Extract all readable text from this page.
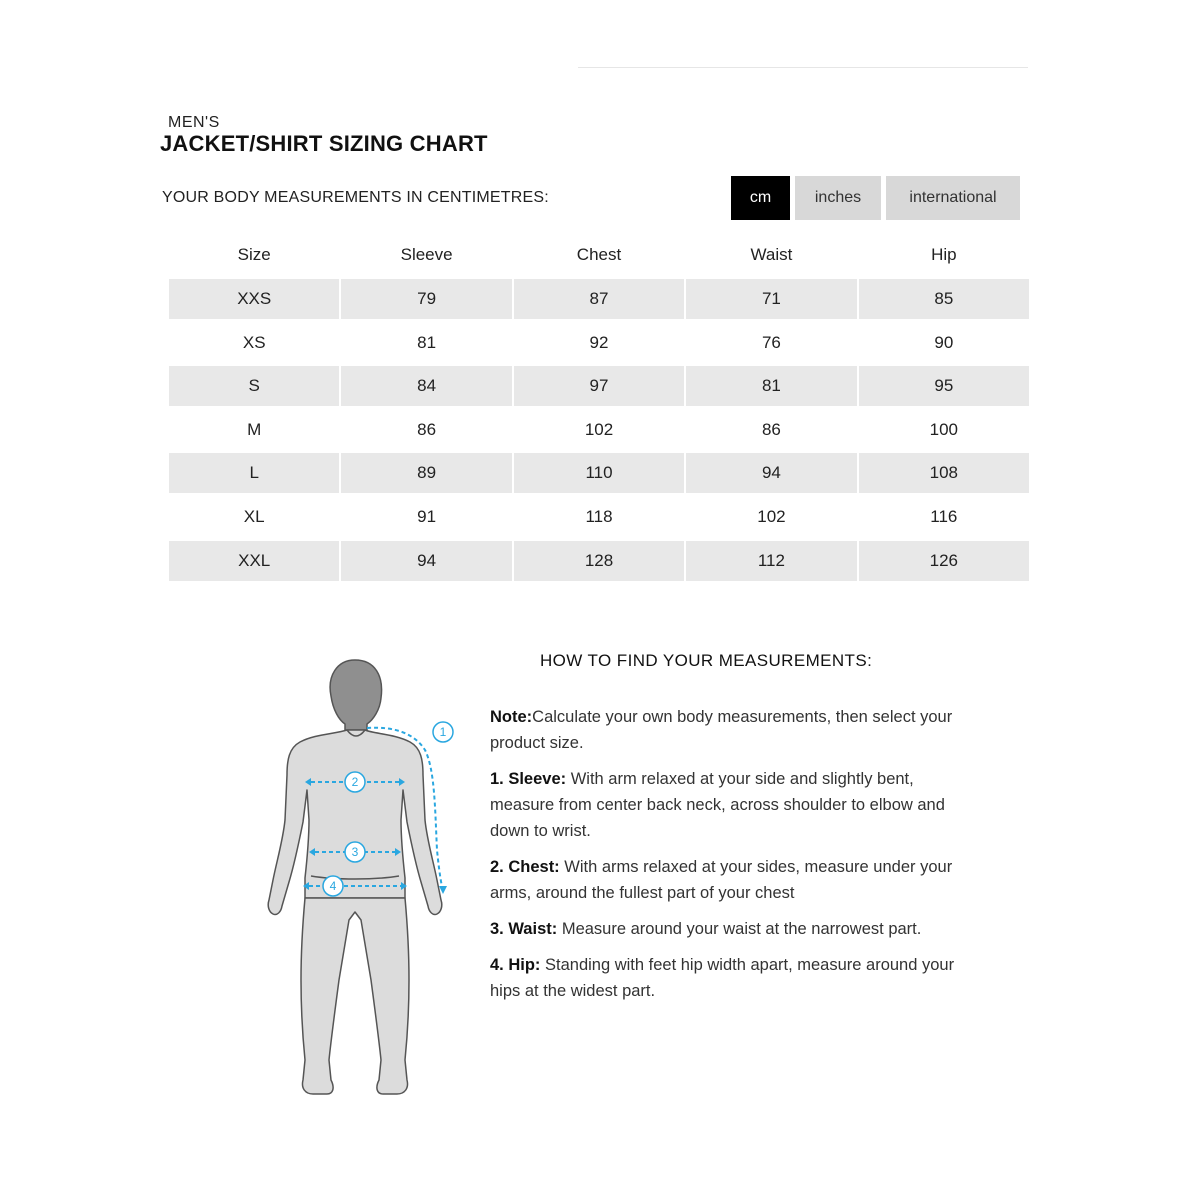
MEN'S
JACKET/SHIRT SIZING CHART
YOUR BODY MEASUREMENTS IN CENTIMETRES:	cm	inches	international
Size	Sleeve	Chest	Waist	Hip
XXS	79	87	71	85
XS	81	92	76	90
S	84	97	81	95
M	86	102	86	100
L	89	110	94	108
XL	91	118	102	116
XXL	94	128	112	126
1
2
3
4
HOW TO FIND YOUR MEASUREMENTS:

Note:Calculate your own body measurements, then select your product size.

1. Sleeve: With arm relaxed at your side and slightly bent, measure from center back neck, across shoulder to elbow and down to wrist.

2. Chest: With arms relaxed at your sides, measure under your arms, around the fullest part of your chest

3. Waist: Measure around your waist at the narrowest part.

4. Hip: Standing with feet hip width apart, measure around your hips at the widest part.
